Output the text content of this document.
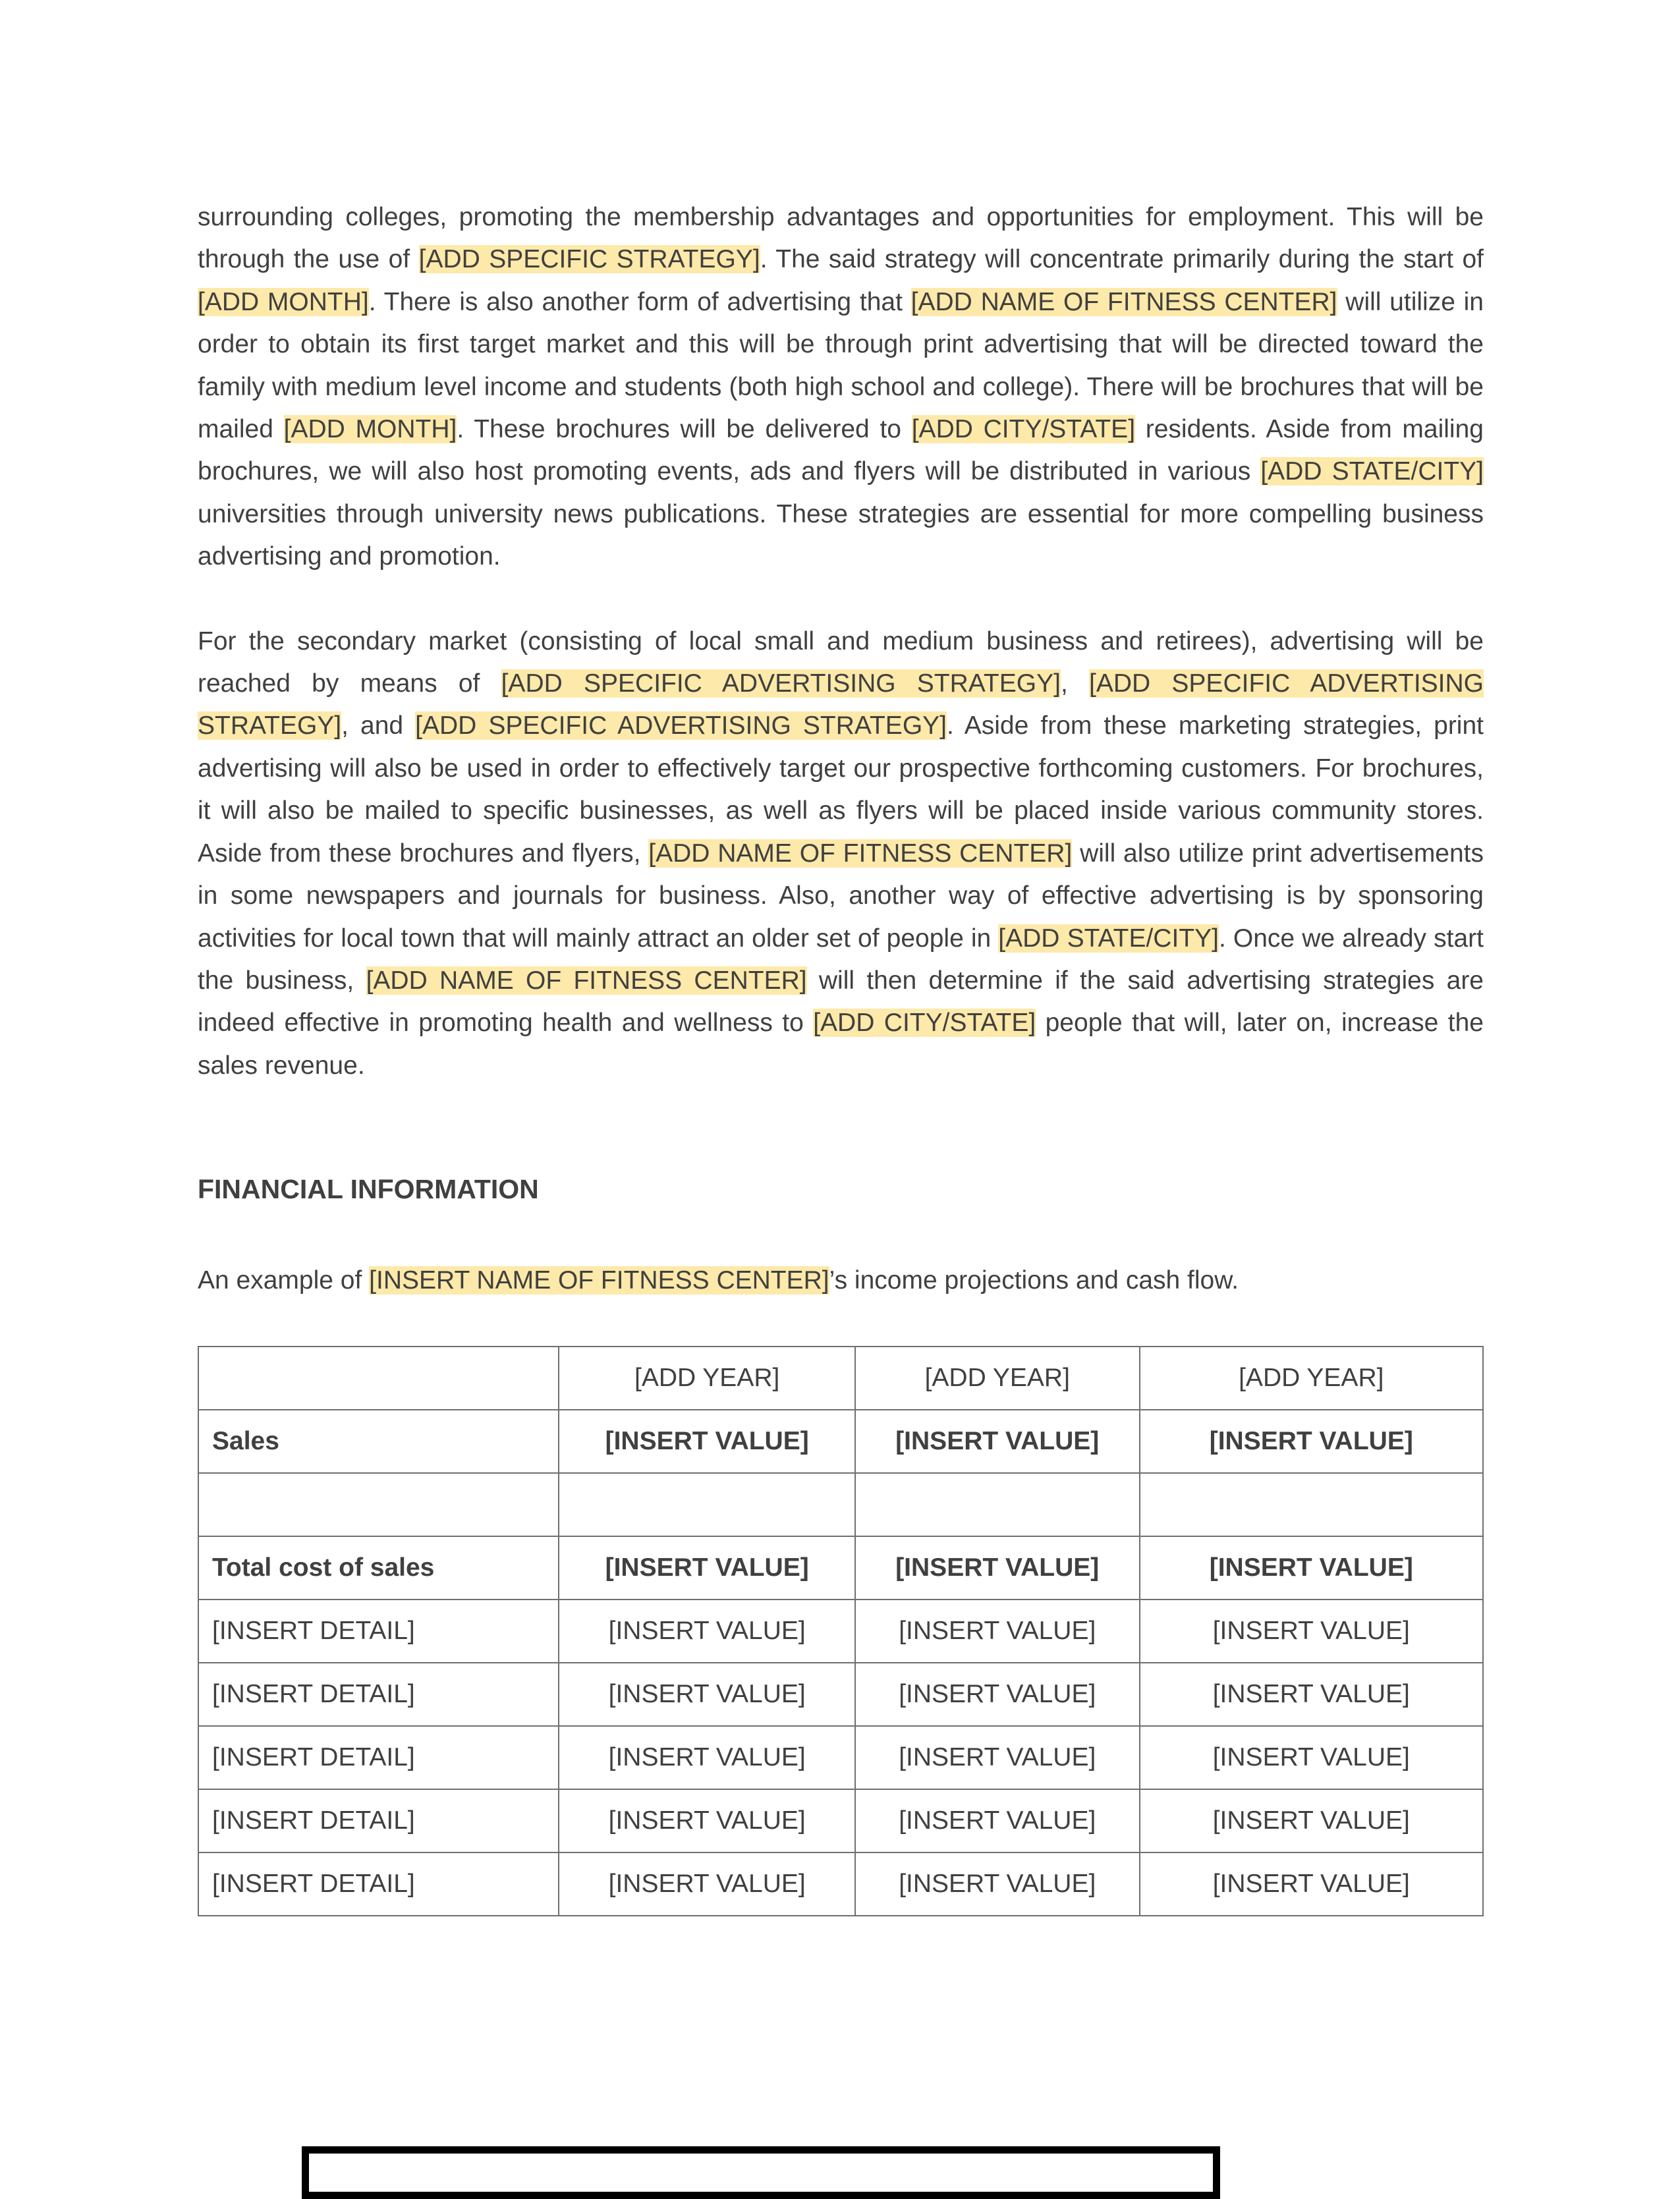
surrounding colleges, promoting the membership advantages and opportunities for employment. This will be through the use of [ADD SPECIFIC STRATEGY]. The said strategy will concentrate primarily during the start of [ADD MONTH]. There is also another form of advertising that [ADD NAME OF FITNESS CENTER] will utilize in order to obtain its first target market and this will be through print advertising that will be directed toward the family with medium level income and students (both high school and college). There will be brochures that will be mailed [ADD MONTH]. These brochures will be delivered to [ADD CITY/STATE] residents. Aside from mailing brochures, we will also host promoting events, ads and flyers will be distributed in various [ADD STATE/CITY] universities through university news publications. These strategies are essential for more compelling business advertising and promotion.

For the secondary market (consisting of local small and medium business and retirees), advertising will be reached by means of [ADD SPECIFIC ADVERTISING STRATEGY], [ADD SPECIFIC ADVERTISING STRATEGY], and [ADD SPECIFIC ADVERTISING STRATEGY]. Aside from these marketing strategies, print advertising will also be used in order to effectively target our prospective forthcoming customers. For brochures, it will also be mailed to specific businesses, as well as flyers will be placed inside various community stores. Aside from these brochures and flyers, [ADD NAME OF FITNESS CENTER] will also utilize print advertisements in some newspapers and journals for business. Also, another way of effective advertising is by sponsoring activities for local town that will mainly attract an older set of people in [ADD STATE/CITY]. Once we already start the business, [ADD NAME OF FITNESS CENTER] will then determine if the said advertising strategies are indeed effective in promoting health and wellness to [ADD CITY/STATE] people that will, later on, increase the sales revenue.

FINANCIAL INFORMATION

An example of [INSERT NAME OF FITNESS CENTER]’s income projections and cash flow.

	[ADD YEAR]	[ADD YEAR]	[ADD YEAR]
Sales	[INSERT VALUE]	[INSERT VALUE]	[INSERT VALUE]

Total cost of sales	[INSERT VALUE]	[INSERT VALUE]	[INSERT VALUE]
[INSERT DETAIL]	[INSERT VALUE]	[INSERT VALUE]	[INSERT VALUE]
[INSERT DETAIL]	[INSERT VALUE]	[INSERT VALUE]	[INSERT VALUE]
[INSERT DETAIL]	[INSERT VALUE]	[INSERT VALUE]	[INSERT VALUE]
[INSERT DETAIL]	[INSERT VALUE]	[INSERT VALUE]	[INSERT VALUE]
[INSERT DETAIL]	[INSERT VALUE]	[INSERT VALUE]	[INSERT VALUE]
